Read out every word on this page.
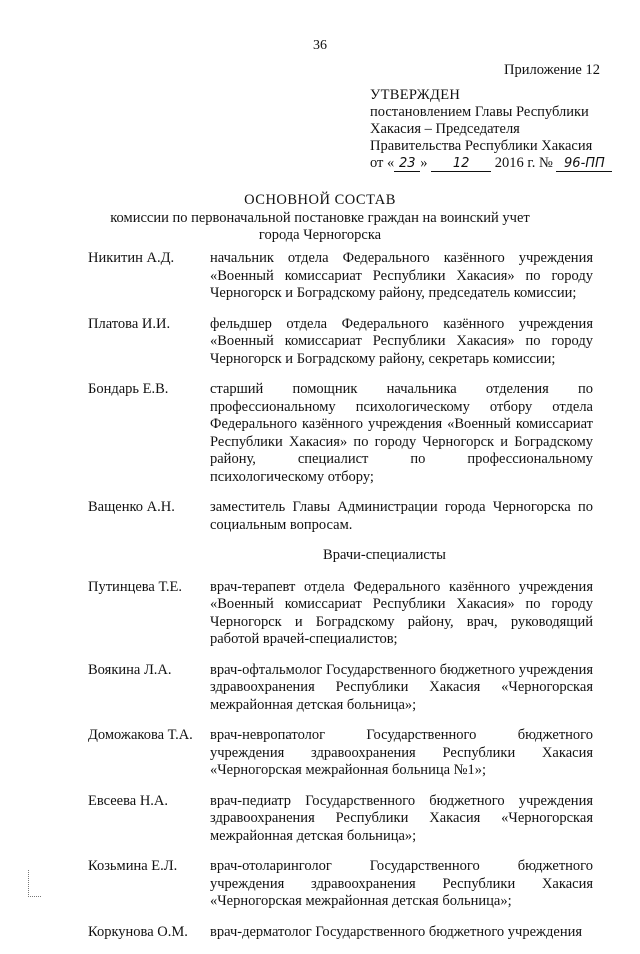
36
Приложение 12
УТВЕРЖДЕН
постановлением Главы Республики
Хакасия – Председателя
Правительства Республики Хакасия
от « 23 » 12 2016 г. № 96-ПП
ОСНОВНОЙ СОСТАВ
комиссии по первоначальной постановке граждан на воинский учет
города Черногорска
Никитин А.Д.	начальник отдела Федерального казённого учреждения «Военный комиссариат Республики Хакасия» по городу Черногорск и Боградскому району, председатель комиссии;
Платова И.И.	фельдшер отдела Федерального казённого учреждения «Военный комиссариат Республики Хакасия» по городу Черногорск и Боградскому району, секретарь комиссии;
Бондарь Е.В.	старший помощник начальника отделения по профессиональному психологическому отбору отдела Федерального казённого учреждения «Военный комиссариат Республики Хакасия» по городу Черногорск и Боградскому району, специалист по профессиональному психологическому отбору;
Ващенко А.Н.	заместитель Главы Администрации города Черногорска по социальным вопросам.
Врачи-специалисты
Путинцева Т.Е.	врач-терапевт отдела Федерального казённого учреждения «Военный комиссариат Республики Хакасия» по городу Черногорск и Боградскому району, врач, руководящий работой врачей-специалистов;
Воякина Л.А.	врач-офтальмолог Государственного бюджетного учреждения здравоохранения Республики Хакасия «Черногорская межрайонная детская больница»;
Доможакова Т.А.	врач-невропатолог Государственного бюджетного учреждения здравоохранения Республики Хакасия «Черногорская межрайонная больница №1»;
Евсеева Н.А.	врач-педиатр Государственного бюджетного учреждения здравоохранения Республики Хакасия «Черногорская межрайонная детская больница»;
Козьмина Е.Л.	врач-отоларинголог Государственного бюджетного учреждения здравоохранения Республики Хакасия «Черногорская межрайонная детская больница»;
Коркунова О.М.	врач-дерматолог Государственного бюджетного учреждения
